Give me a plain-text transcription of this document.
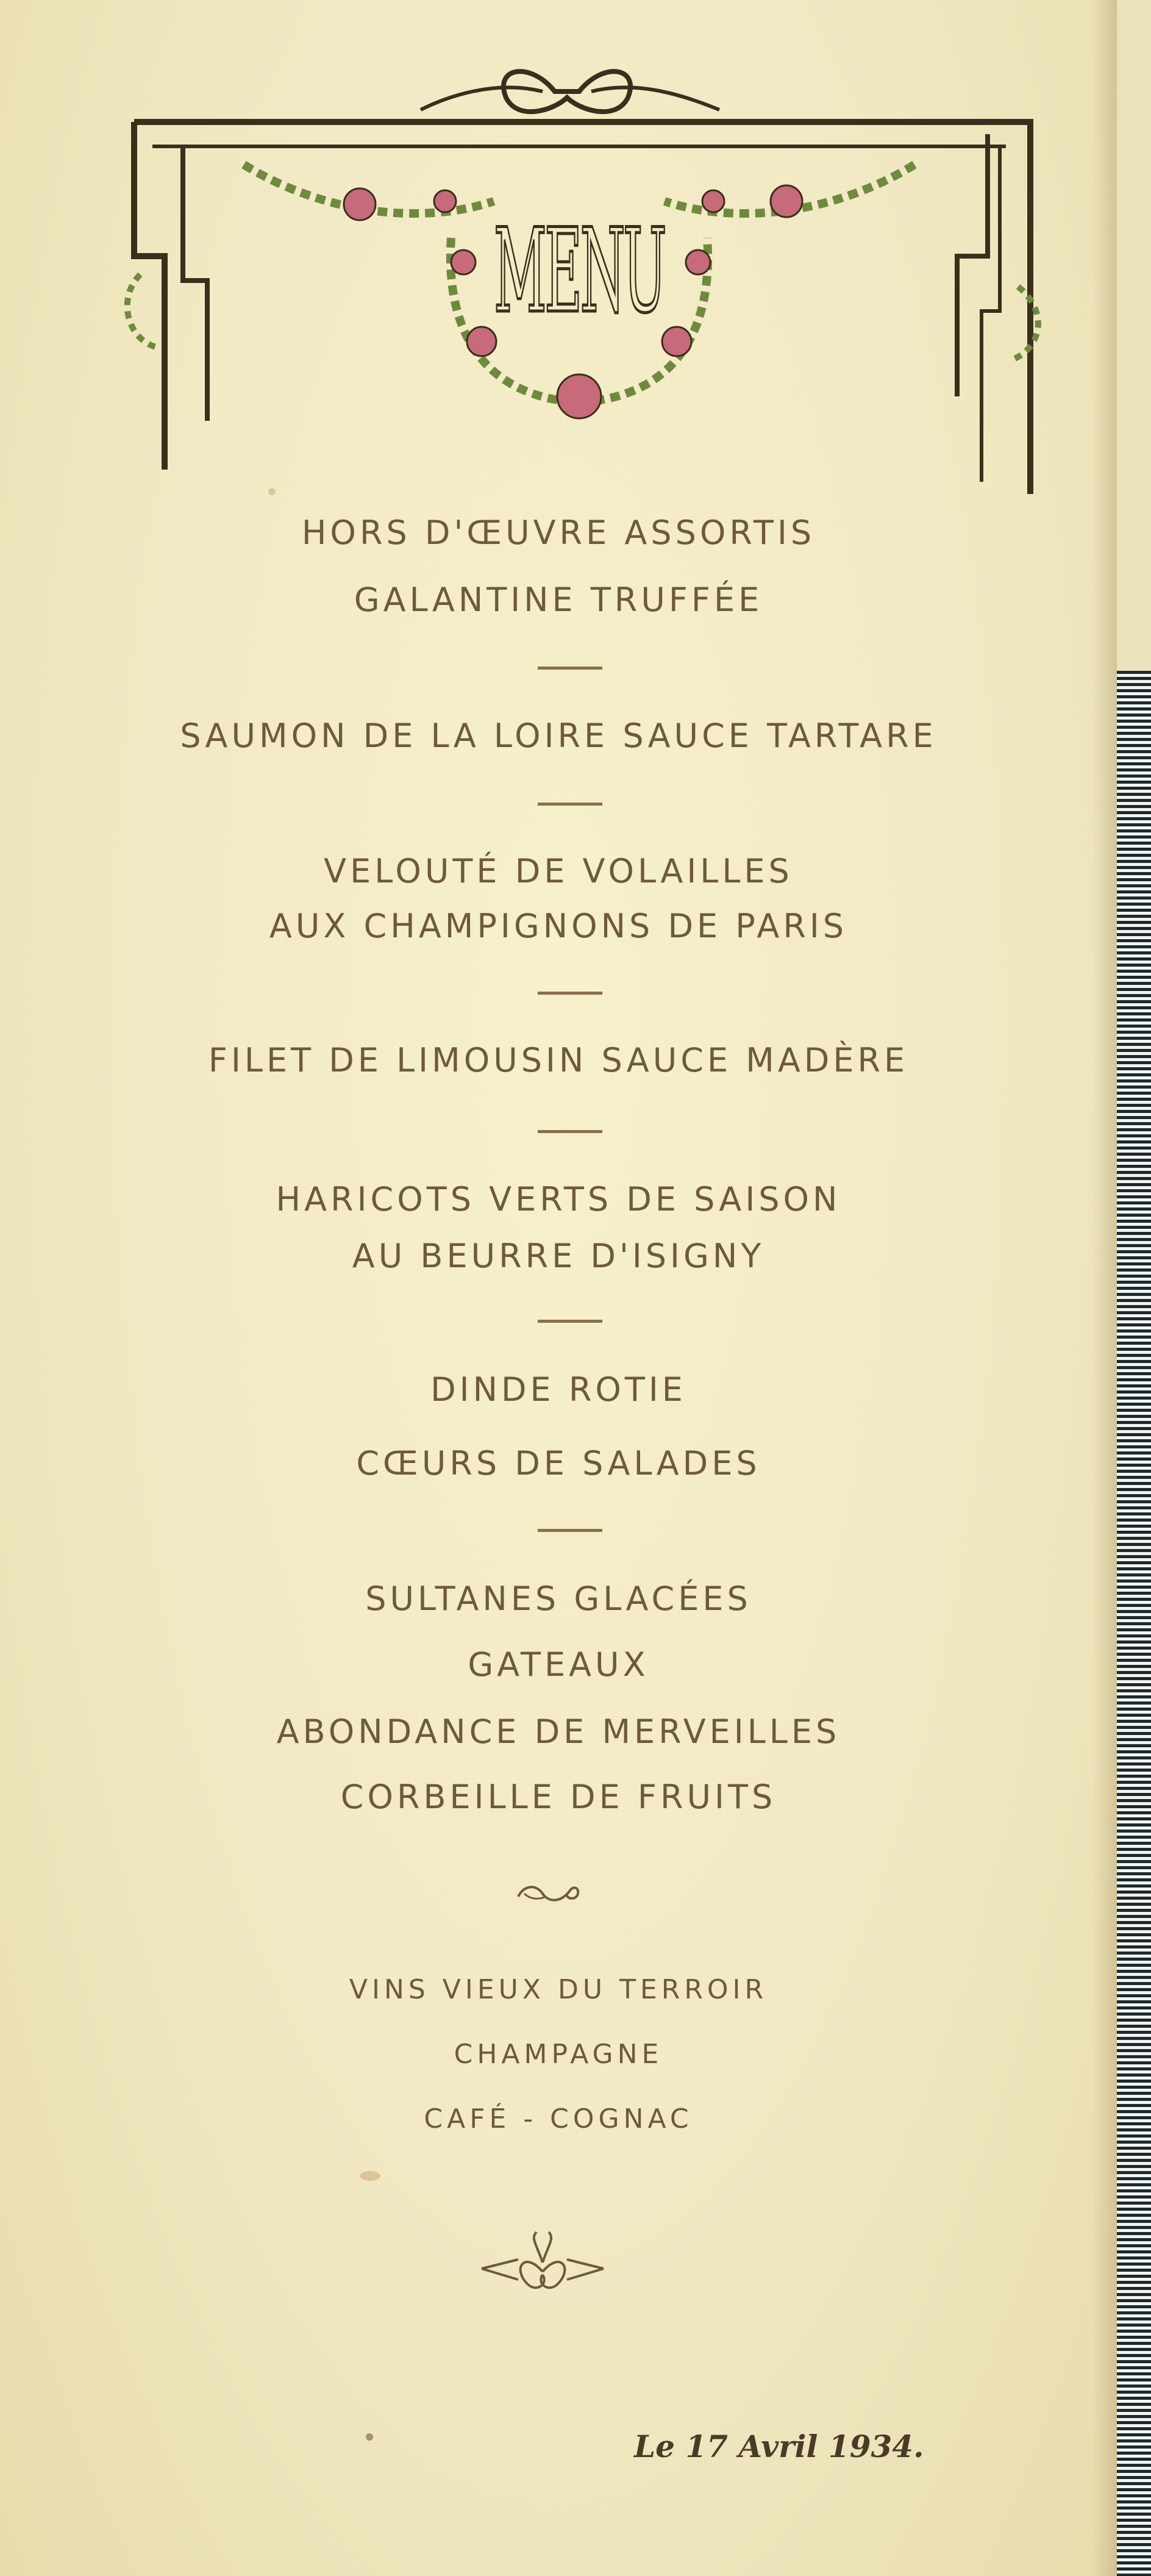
MENU
HORS D'ŒUVRE ASSORTIS
GALANTINE TRUFFÉE
SAUMON DE LA LOIRE SAUCE TARTARE
VELOUTÉ DE VOLAILLES
AUX CHAMPIGNONS DE PARIS
FILET DE LIMOUSIN SAUCE MADÈRE
HARICOTS VERTS DE SAISON
AU BEURRE D'ISIGNY
DINDE ROTIE
CŒURS DE SALADES
SULTANES GLACÉES
GATEAUX
ABONDANCE DE MERVEILLES
CORBEILLE DE FRUITS
VINS VIEUX DU TERROIR
CHAMPAGNE
CAFÉ - COGNAC
Le 17 Avril 1934.
